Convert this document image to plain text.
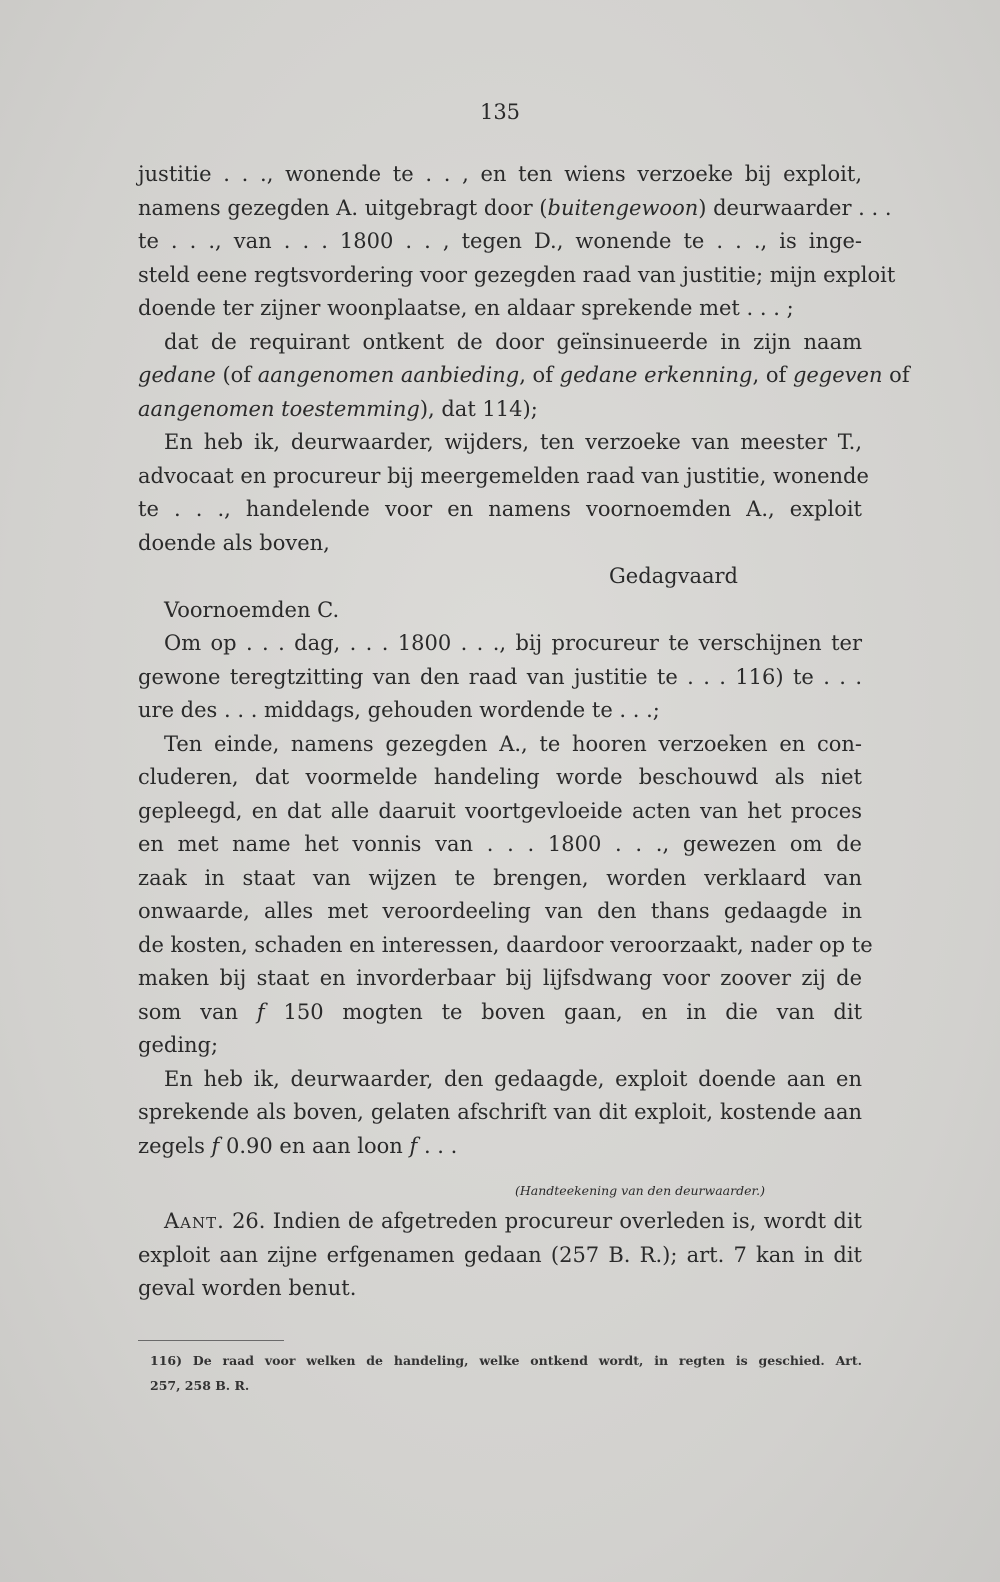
135
justitie . . ., wonende te . . , en ten wiens verzoeke bij exploit,
namens gezegden A. uitgebragt door (buitengewoon) deurwaarder . . .
te . . ., van . . . 1800 . . , tegen D., wonende te . . ., is inge-
steld eene regtsvordering voor gezegden raad van justitie; mijn exploit
doende ter zijner woonplaatse, en aldaar sprekende met . . . ;
dat de requirant ontkent de door geïnsinueerde in zijn naam
gedane (of aangenomen aanbieding, of gedane erkenning, of gegeven of
aangenomen toestemming), dat 114);
En heb ik, deurwaarder, wijders, ten verzoeke van meester T.,
advocaat en procureur bij meergemelden raad van justitie, wonende
te . . ., handelende voor en namens voornoemden A., exploit
doende als boven,
Gedagvaard
Voornoemden C.
Om op . . . dag, . . . 1800 . . ., bij procureur te verschijnen ter
gewone teregtzitting van den raad van justitie te . . . 116) te . . .
ure des . . . middags, gehouden wordende te . . .;
Ten einde, namens gezegden A., te hooren verzoeken en con-
cluderen, dat voormelde handeling worde beschouwd als niet
gepleegd, en dat alle daaruit voortgevloeide acten van het proces
en met name het vonnis van . . . 1800 . . ., gewezen om de
zaak in staat van wijzen te brengen, worden verklaard van
onwaarde, alles met veroordeeling van den thans gedaagde in
de kosten, schaden en interessen, daardoor veroorzaakt, nader op te
maken bij staat en invorderbaar bij lijfsdwang voor zoover zij de
som van f 150 mogten te boven gaan, en in die van dit
geding;
En heb ik, deurwaarder, den gedaagde, exploit doende aan en
sprekende als boven, gelaten afschrift van dit exploit, kostende aan
zegels f 0.90 en aan loon f . . .
(Handteekening van den deurwaarder.)
Aant. 26. Indien de afgetreden procureur overleden is, wordt dit
exploit aan zijne erfgenamen gedaan (257 B. R.); art. 7 kan in dit
geval worden benut.
116) De raad voor welken de handeling, welke ontkend wordt, in regten is geschied. Art.
257, 258 B. R.
